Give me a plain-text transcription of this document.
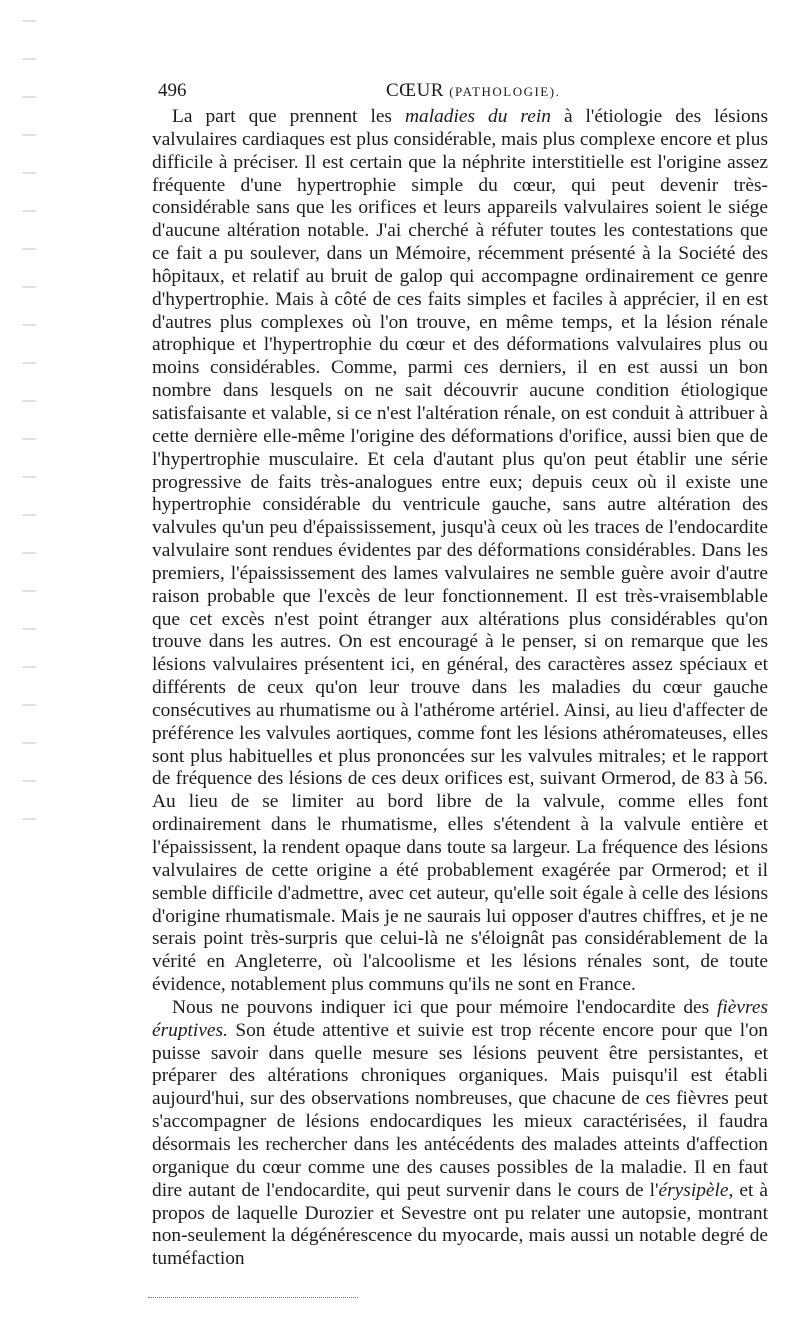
496	CŒUR (PATHOLOGIE).

La part que prennent les maladies du rein à l'étiologie des lésions valvulaires cardiaques est plus considérable, mais plus complexe encore et plus difficile à préciser. Il est certain que la néphrite interstitielle est l'origine assez fréquente d'une hypertrophie simple du cœur, qui peut devenir très-considérable sans que les orifices et leurs appareils valvulaires soient le siége d'aucune altération notable. J'ai cherché à réfuter toutes les contestations que ce fait a pu soulever, dans un Mémoire, récemment présenté à la Société des hôpitaux, et relatif au bruit de galop qui accompagne ordinairement ce genre d'hypertrophie. Mais à côté de ces faits simples et faciles à apprécier, il en est d'autres plus complexes où l'on trouve, en même temps, et la lésion rénale atrophique et l'hypertrophie du cœur et des déformations valvulaires plus ou moins considérables. Comme, parmi ces derniers, il en est aussi un bon nombre dans lesquels on ne sait découvrir aucune condition étiologique satisfaisante et valable, si ce n'est l'altération rénale, on est conduit à attribuer à cette dernière elle-même l'origine des déformations d'orifice, aussi bien que de l'hypertrophie musculaire. Et cela d'autant plus qu'on peut établir une série progressive de faits très-analogues entre eux; depuis ceux où il existe une hypertrophie considérable du ventricule gauche, sans autre altération des valvules qu'un peu d'épaississement, jusqu'à ceux où les traces de l'endocardite valvulaire sont rendues évidentes par des déformations considérables. Dans les premiers, l'épaississement des lames valvulaires ne semble guère avoir d'autre raison probable que l'excès de leur fonctionnement. Il est très-vraisemblable que cet excès n'est point étranger aux altérations plus considérables qu'on trouve dans les autres. On est encouragé à le penser, si on remarque que les lésions valvulaires présentent ici, en général, des caractères assez spéciaux et différents de ceux qu'on leur trouve dans les maladies du cœur gauche consécutives au rhumatisme ou à l'athérome artériel. Ainsi, au lieu d'affecter de préférence les valvules aortiques, comme font les lésions athéromateuses, elles sont plus habituelles et plus prononcées sur les valvules mitrales; et le rapport de fréquence des lésions de ces deux orifices est, suivant Ormerod, de 83 à 56. Au lieu de se limiter au bord libre de la valvule, comme elles font ordinairement dans le rhumatisme, elles s'étendent à la valvule entière et l'épaississent, la rendent opaque dans toute sa largeur. La fréquence des lésions valvulaires de cette origine a été probablement exagérée par Ormerod; et il semble difficile d'admettre, avec cet auteur, qu'elle soit égale à celle des lésions d'origine rhumatismale. Mais je ne saurais lui opposer d'autres chiffres, et je ne serais point très-surpris que celui-là ne s'éloignât pas considérablement de la vérité en Angleterre, où l'alcoolisme et les lésions rénales sont, de toute évidence, notablement plus communs qu'ils ne sont en France.

Nous ne pouvons indiquer ici que pour mémoire l'endocardite des fièvres éruptives. Son étude attentive et suivie est trop récente encore pour que l'on puisse savoir dans quelle mesure ses lésions peuvent être persistantes, et préparer des altérations chroniques organiques. Mais puisqu'il est établi aujourd'hui, sur des observations nombreuses, que chacune de ces fièvres peut s'accompagner de lésions endocardiques les mieux caractérisées, il faudra désormais les rechercher dans les antécédents des malades atteints d'affection organique du cœur comme une des causes possibles de la maladie. Il en faut dire autant de l'endocardite, qui peut survenir dans le cours de l'érysipèle, et à propos de laquelle Durozier et Sevestre ont pu relater une autopsie, montrant non-seulement la dégénérescence du myocarde, mais aussi un notable degré de tuméfaction
